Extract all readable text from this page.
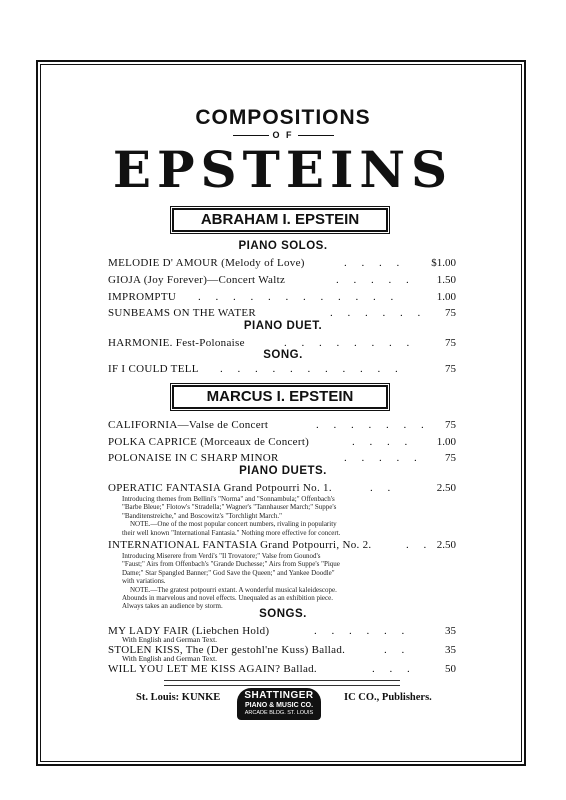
COMPOSITIONS
O F
EPSTEINS
ABRAHAM I. EPSTEIN
PIANO SOLOS.
MELODIE D' AMOUR (Melody of Love)	. . . . $1.00
GIOJA (Joy Forever)—Concert Waltz	. . . . . 1.50
IMPROMPTU . . . . . . . . . . . .	1.00
SUNBEAMS ON THE WATER	. . . . . . 75
PIANO DUET.
HARMONIE. Fest-Polonaise	. . . . . . . .	75
SONG.
IF I COULD TELL . . . . . . . . . . .	75
MARCUS I. EPSTEIN
CALIFORNIA—Valse de Concert	. . . . . . . 75
POLKA CAPRICE (Morceaux de Concert)	. . . . 1.00
POLONAISE IN C SHARP MINOR	. . . . . 75
PIANO DUETS.
OPERATIC FANTASIA Grand Potpourri No. 1.	. .	2.50
Introducing themes from Bellini's "Norma" and "Sonnambula;" Offenbach's
"Barbe Bleue;" Flotow's "Stradella;" Wagner's "Tannhauser March;" Suppe's
"Banditenstreiche," and Boscowitz's "Torchlight March."
NOTE.—One of the most popular concert numbers, rivaling in popularity
their well known "International Fantasia." Nothing more effective for concert.
INTERNATIONAL FANTASIA Grand Potpourri, No. 2.	. . 2.50
Introducing Miserere from Verdi's "Il Trovatore;" Valse from Gounod's
"Faust;" Airs from Offenbach's "Grande Duchesse;" Airs from Suppe's "Pique
Dame;" Star Spangled Banner;" God Save the Queen;" and Yankee Doodle"
with variations.
NOTE.—The gratest potpourri extant. A wonderful musical kaleidescope.
Abounds in marvelous and novel effects. Unequaled as an exhibition piece.
Always takes an audience by storm.
SONGS.
MY LADY FAIR (Liebchen Hold)	. . . . . .	35
With English and German Text.
STOLEN KISS, The (Der gestohl'ne Kuss) Ballad.	. .	35
With English and German Text.
WILL YOU LET ME KISS AGAIN? Ballad.	. . .	50
St. Louis: KUNKE	IC CO., Publishers.
SHATTINGER
PIANO & MUSIC CO.
ARCADE BLDG. ST. LOUIS
